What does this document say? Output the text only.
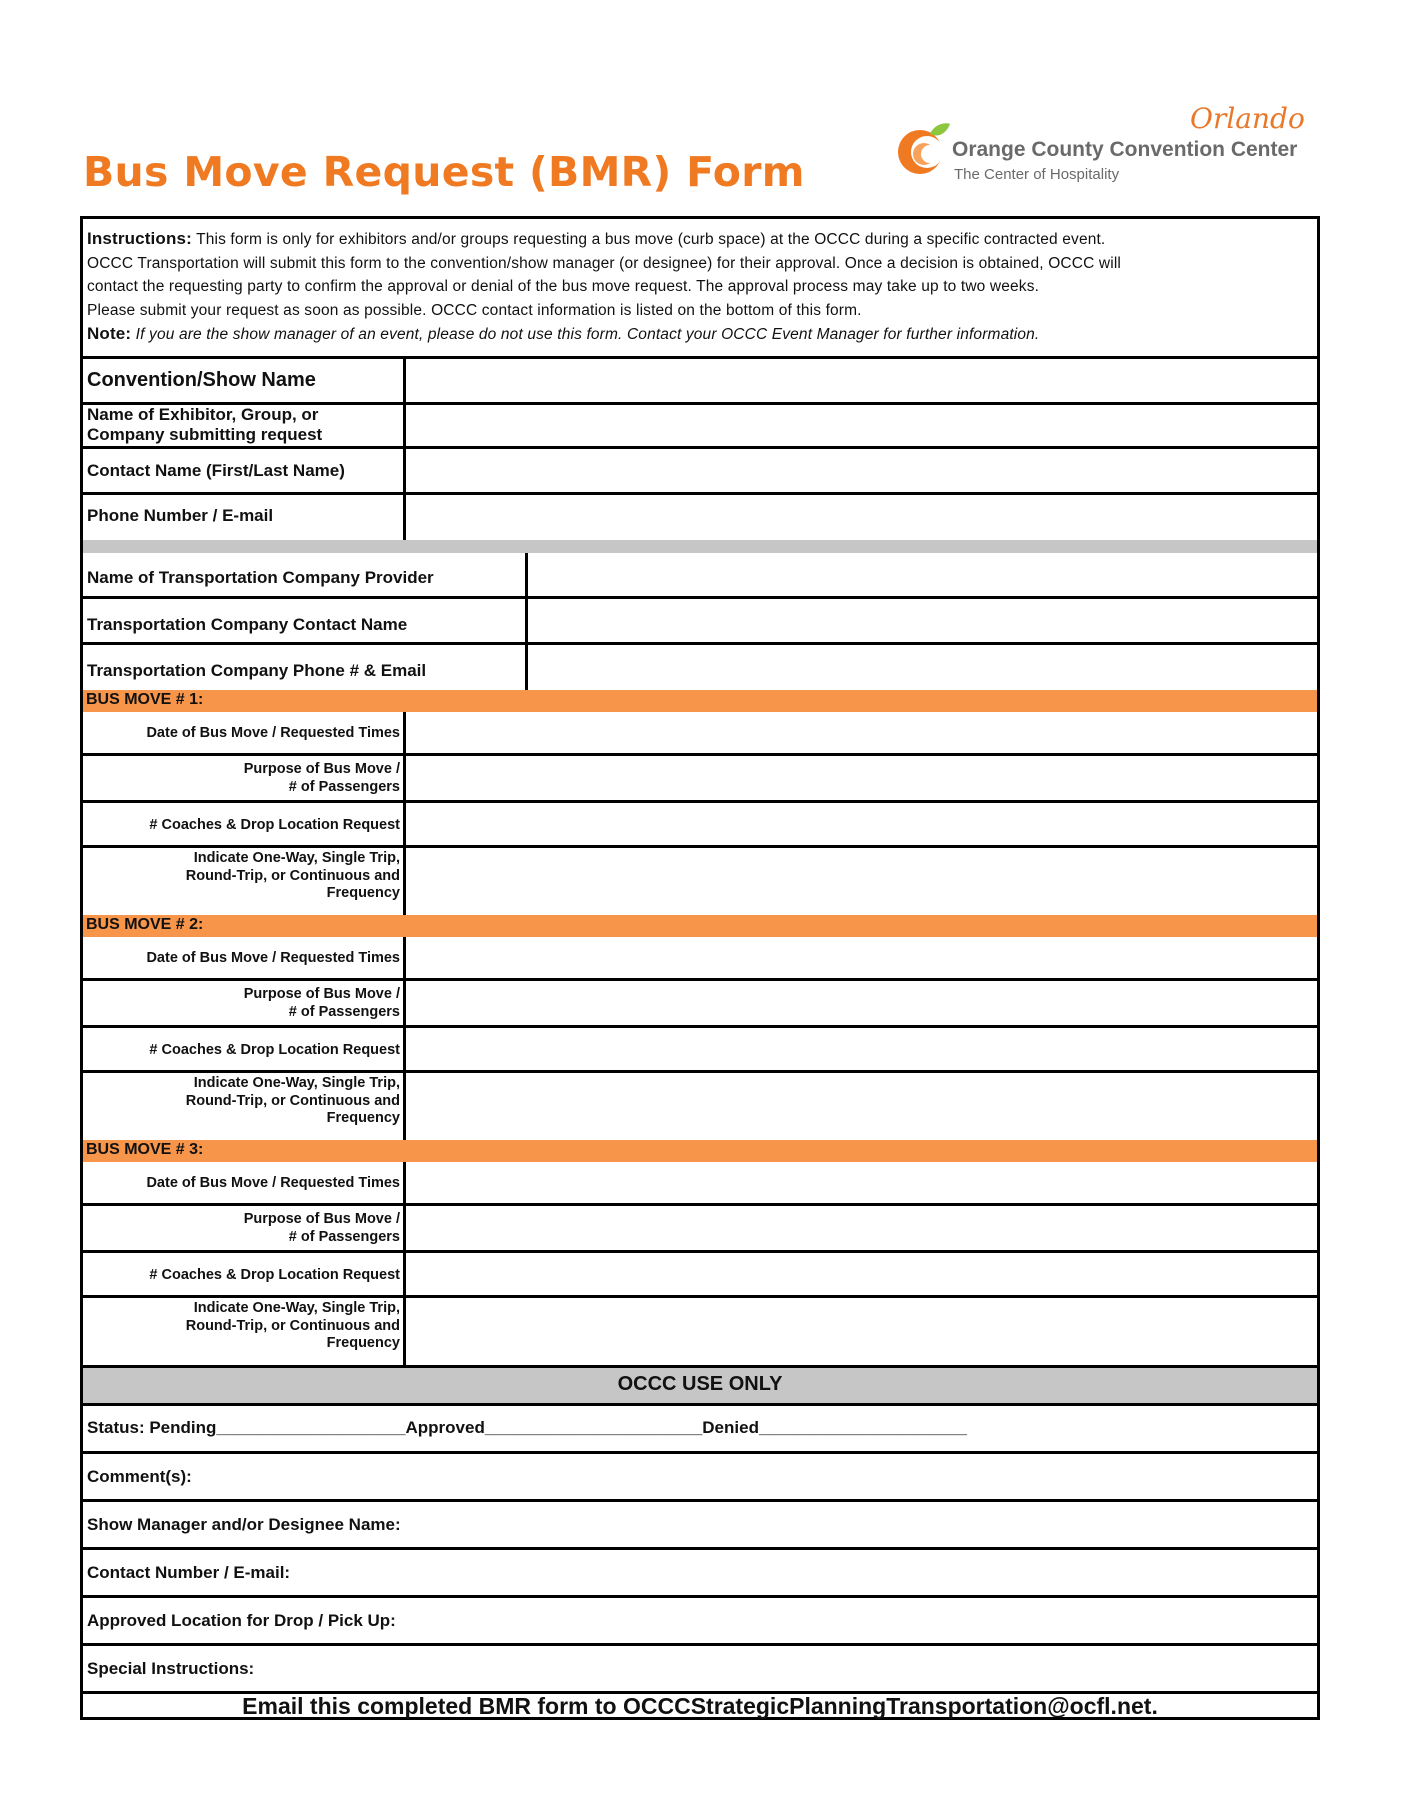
Bus Move Request (BMR) Form
Orlando
Orange County Convention Center
The Center of Hospitality
Instructions: This form is only for exhibitors and/or groups requesting a bus move (curb space) at the OCCC during a specific contracted event.
OCCC Transportation will submit this form to the convention/show manager (or designee) for their approval. Once a decision is obtained, OCCC will
contact the requesting party to confirm the approval or denial of the bus move request. The approval process may take up to two weeks.
Please submit your request as soon as possible. OCCC contact information is listed on the bottom of this form.
Note: If you are the show manager of an event, please do not use this form. Contact your OCCC Event Manager for further information.
Convention/Show Name
Name of Exhibitor, Group, or
Company submitting request
Contact Name (First/Last Name)
Phone Number / E-mail
Name of Transportation Company Provider
Transportation Company Contact Name
Transportation Company Phone # & Email
BUS MOVE # 1:
Date of Bus Move / Requested Times
Purpose of Bus Move /
# of Passengers
# Coaches & Drop Location Request
Indicate One-Way, Single Trip,
Round-Trip, or Continuous and
Frequency
BUS MOVE # 2:
Date of Bus Move / Requested Times
Purpose of Bus Move /
# of Passengers
# Coaches & Drop Location Request
Indicate One-Way, Single Trip,
Round-Trip, or Continuous and
Frequency
BUS MOVE # 3:
Date of Bus Move / Requested Times
Purpose of Bus Move /
# of Passengers
# Coaches & Drop Location Request
Indicate One-Way, Single Trip,
Round-Trip, or Continuous and
Frequency
OCCC USE ONLY
Status: Pending____________________Approved_______________________Denied______________________
Comment(s):
Show Manager and/or Designee Name:
Contact Number / E-mail:
Approved Location for Drop / Pick Up:
Special Instructions:
Email this completed BMR form to OCCCStrategicPlanningTransportation@ocfl.net.
